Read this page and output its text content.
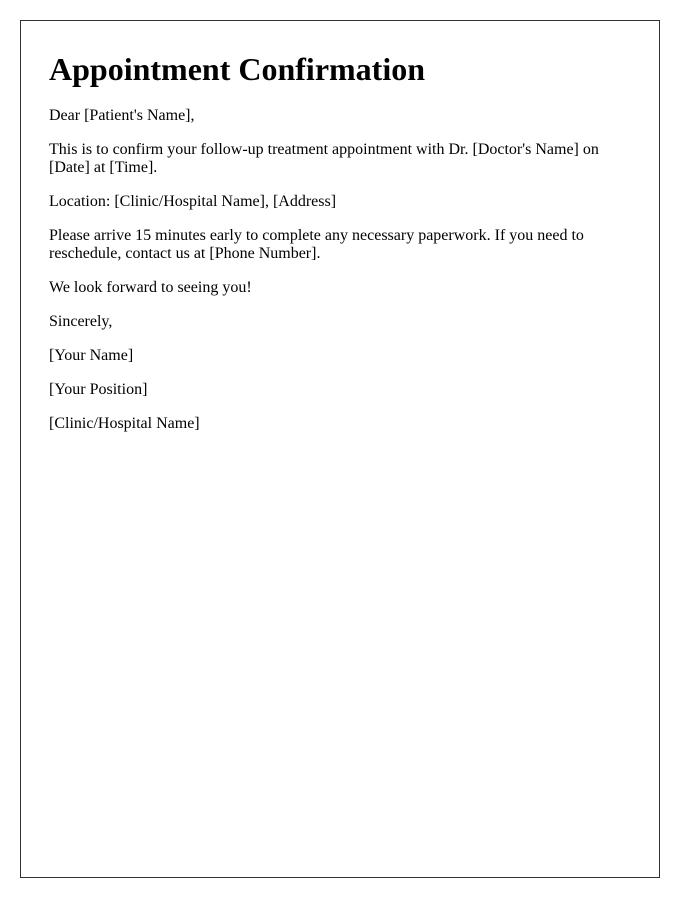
Appointment Confirmation

Dear [Patient's Name],

This is to confirm your follow-up treatment appointment with Dr. [Doctor's Name] on [Date] at [Time].

Location: [Clinic/Hospital Name], [Address]

Please arrive 15 minutes early to complete any necessary paperwork. If you need to reschedule, contact us at [Phone Number].

We look forward to seeing you!

Sincerely,

[Your Name]

[Your Position]

[Clinic/Hospital Name]
